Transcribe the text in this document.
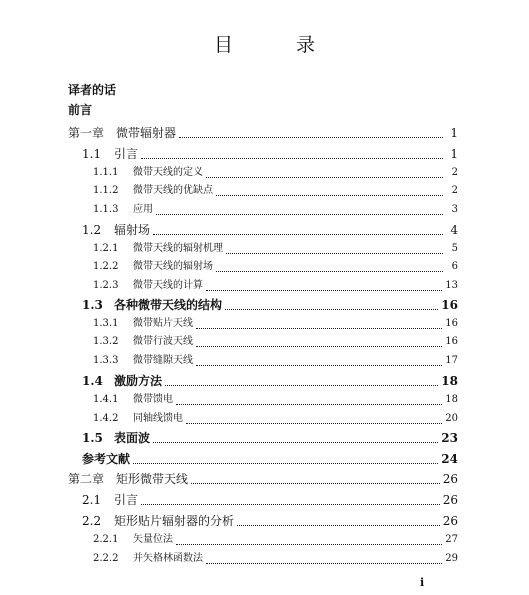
目　录
译者的话
前言
第一章 微带辐射器	1
1.1	引言	1
1.1.1	微带天线的定义	2
1.1.2	微带天线的优缺点	2
1.1.3	应用	3
1.2	辐射场	4
1.2.1	微带天线的辐射机理	5
1.2.2	微带天线的辐射场	6
1.2.3	微带天线的计算	13
1.3 各种微带天线的结构	16
1.3.1	微带贴片天线	16
1.3.2	微带行波天线	16
1.3.3	微带缝隙天线	17
1.4 激励方法	18
1.4.1	微带馈电	18
1.4.2	同轴线馈电	20
1.5 表面波	23
参考文献	24
第二章 矩形微带天线	26
2.1	引言	26
2.2	矩形贴片辐射器的分析	26
2.2.1	矢量位法	27
2.2.2	并矢格林函数法	29
i
